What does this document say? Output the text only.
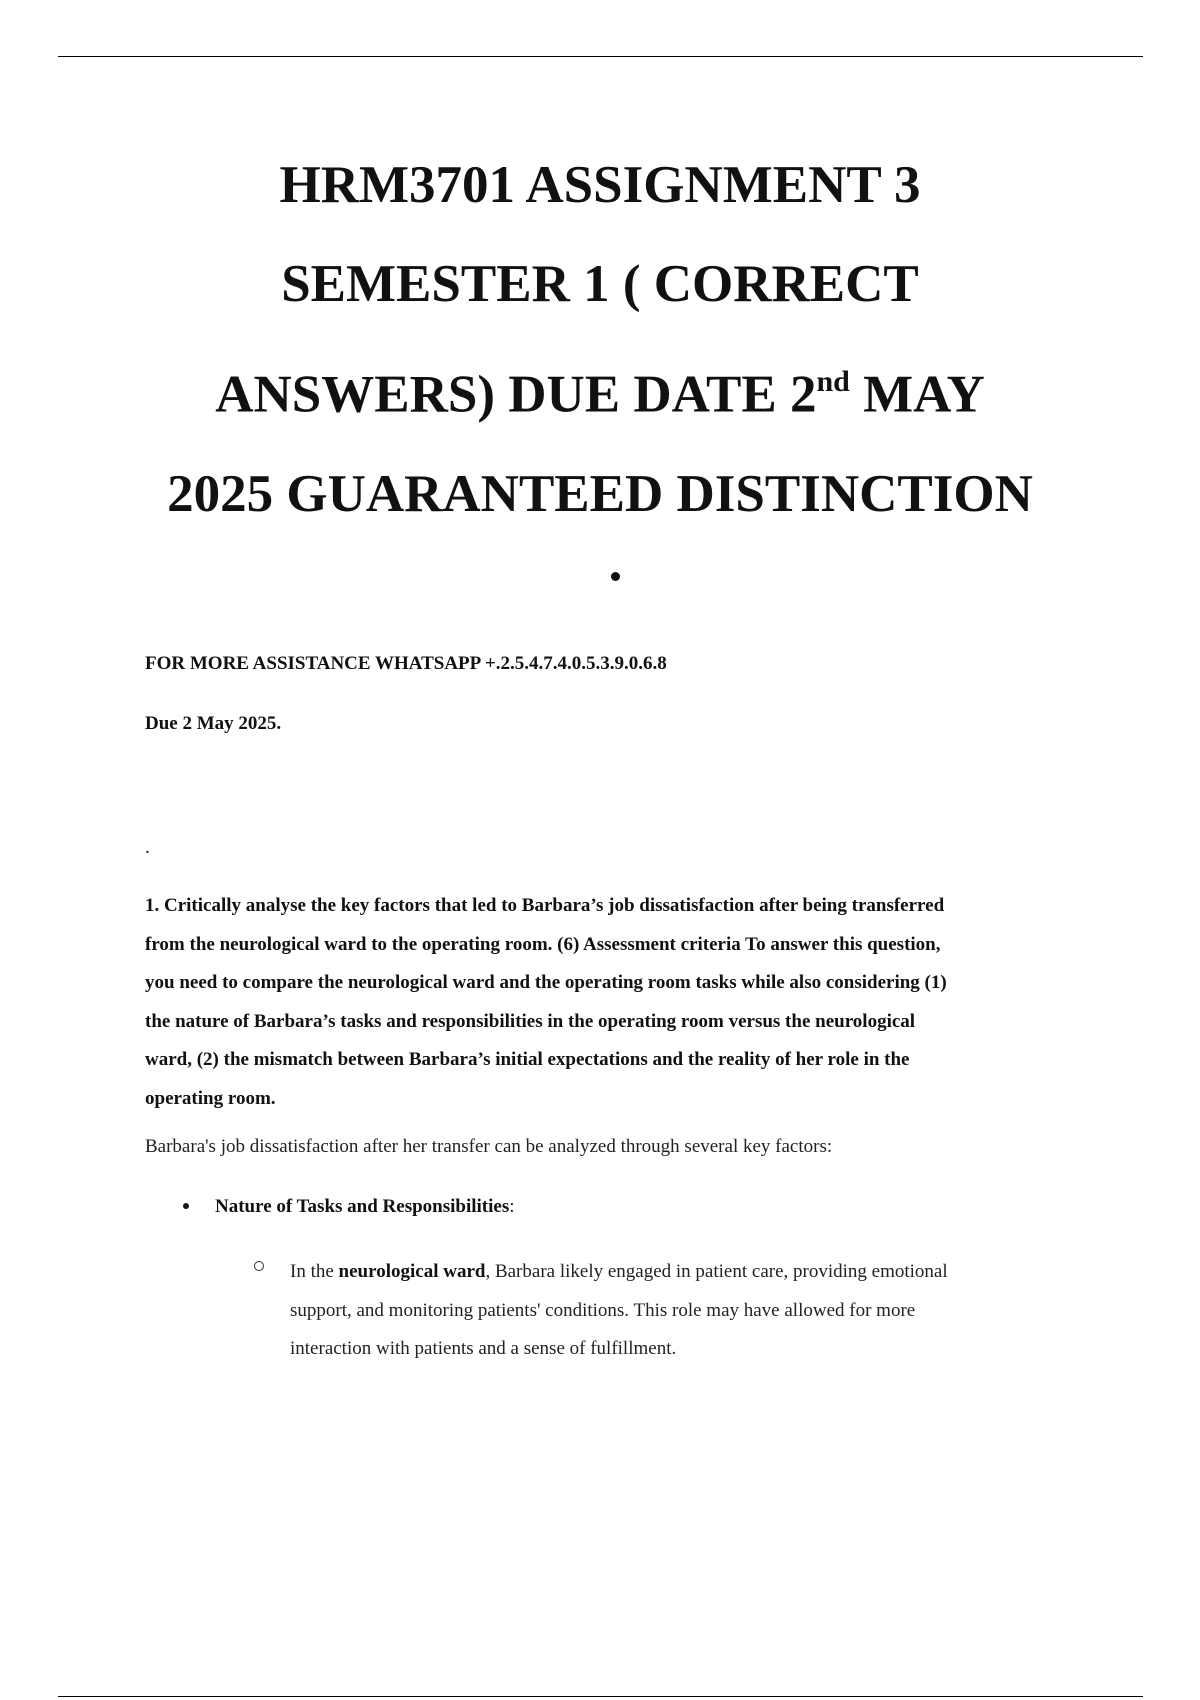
HRM3701 ASSIGNMENT 3

SEMESTER 1 ( CORRECT

ANSWERS) DUE DATE 2nd MAY

2025 GUARANTEED DISTINCTION

FOR MORE ASSISTANCE WHATSAPP +.2.5.4.7.4.0.5.3.9.0.6.8
Due 2 May 2025.
.
1. Critically analyse the key factors that led to Barbara’s job dissatisfaction after being transferred
from the neurological ward to the operating room. (6) Assessment criteria To answer this question,
you need to compare the neurological ward and the operating room tasks while also considering (1)
the nature of Barbara’s tasks and responsibilities in the operating room versus the neurological
ward, (2) the mismatch between Barbara’s initial expectations and the reality of her role in the
operating room.
Barbara's job dissatisfaction after her transfer can be analyzed through several key factors:
Nature of Tasks and Responsibilities:
In the neurological ward, Barbara likely engaged in patient care, providing emotional
support, and monitoring patients' conditions. This role may have allowed for more
interaction with patients and a sense of fulfillment.
